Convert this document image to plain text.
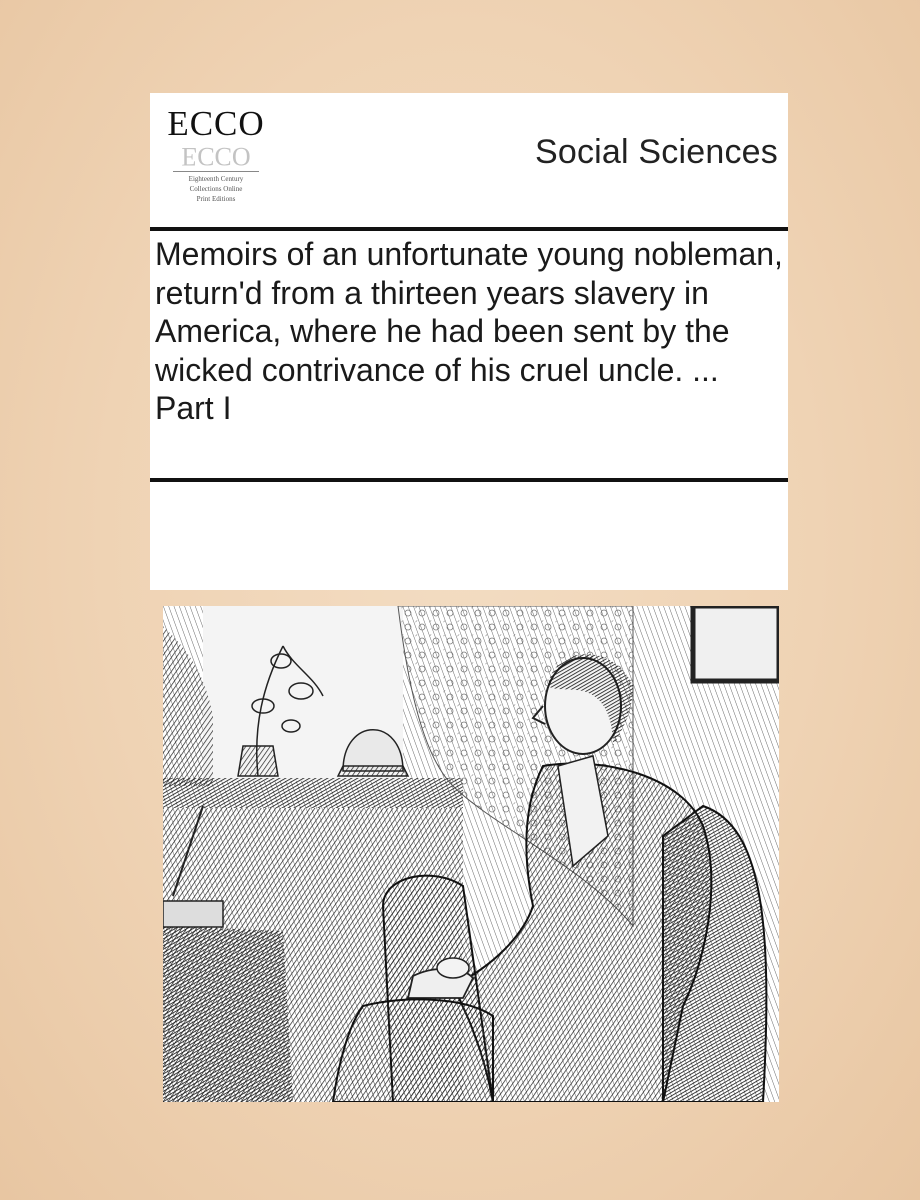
ECCO
ECCO
Eighteenth Century
Collections Online
Print Editions
Social Sciences
Memoirs of an unfortunate young nobleman, return'd from a thirteen years slavery in America, where he had been sent by the wicked contrivance of his cruel uncle. ... Part I
